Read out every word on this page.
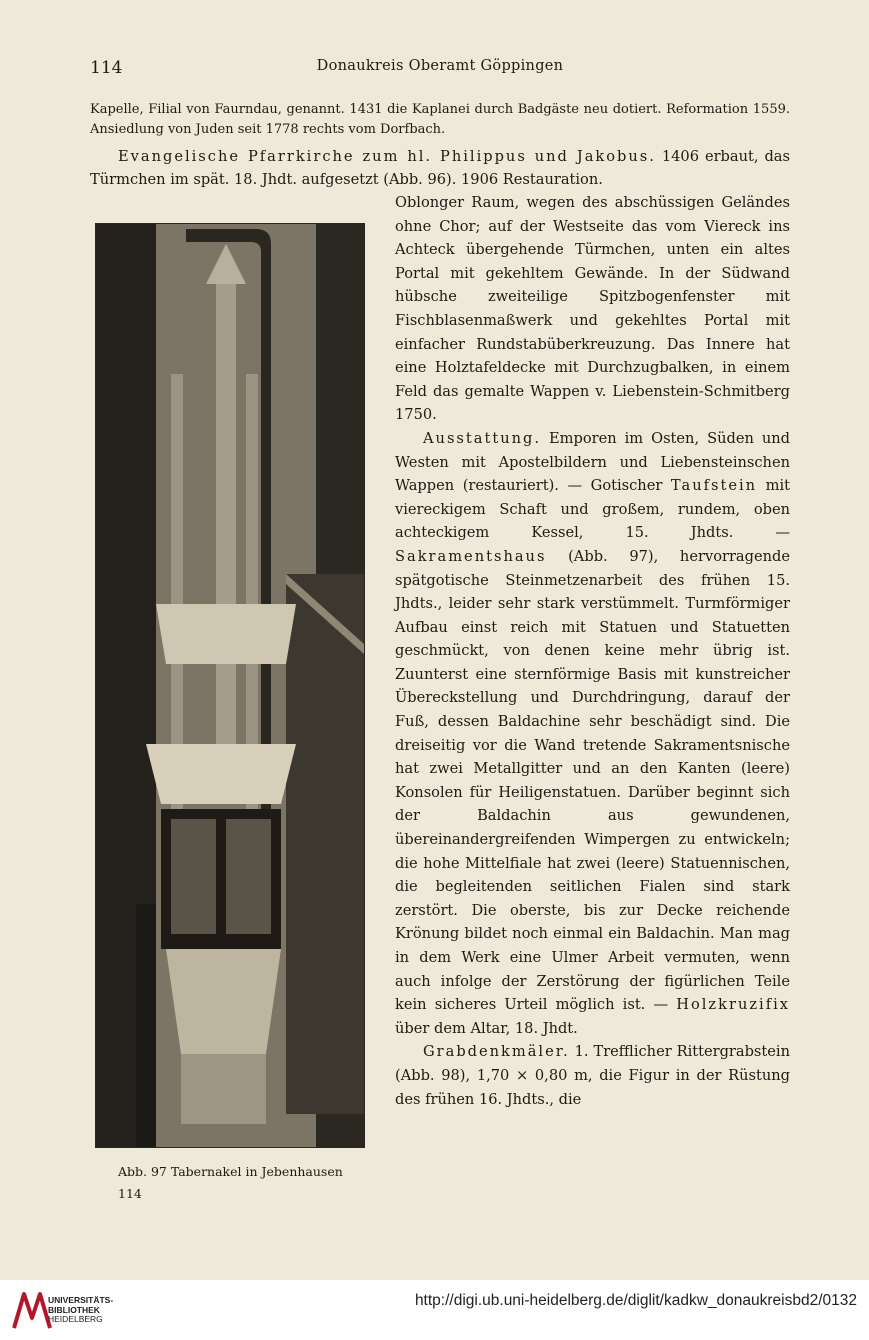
114	Donaukreis Oberamt Göppingen

Kapelle, Filial von Faurndau, genannt. 1431 die Kaplanei durch Badgäste neu dotiert. Reformation 1559. Ansiedlung von Juden seit 1778 rechts vom Dorfbach.

Evangelische Pfarrkirche zum hl. Philippus und Jakobus. 1406 erbaut, das Türmchen im spät. 18. Jhdt. aufgesetzt (Abb. 96). 1906 Restauration.

Oblonger Raum, wegen des abschüssigen Geländes ohne Chor; auf der Westseite das vom Viereck ins Achteck übergehende Türmchen, unten ein altes Portal mit gekehltem Gewände. In der Südwand hübsche zweiteilige Spitzbogenfenster mit Fischblasenmaßwerk und gekehltes Portal mit einfacher Rundstabüberkreuzung. Das Innere hat eine Holztafeldecke mit Durchzugbalken, in einem Feld das gemalte Wappen v. Liebenstein-Schmitberg 1750.

Ausstattung. Emporen im Osten, Süden und Westen mit Apostelbildern und Liebensteinschen Wappen (restauriert). — Gotischer Taufstein mit viereckigem Schaft und großem, rundem, oben achteckigem Kessel, 15. Jhdts. — Sakramentshaus (Abb. 97), hervorragende spätgotische Steinmetzenarbeit des frühen 15. Jhdts., leider sehr stark verstümmelt. Turmförmiger Aufbau einst reich mit Statuen und Statuetten geschmückt, von denen keine mehr übrig ist. Zuunterst eine sternförmige Basis mit kunstreicher Übereckstellung und Durchdringung, darauf der Fuß, dessen Baldachine sehr beschädigt sind. Die dreiseitig vor die Wand tretende Sakramentsnische hat zwei Metallgitter und an den Kanten (leere) Konsolen für Heiligenstatuen. Darüber beginnt sich der Baldachin aus gewundenen, übereinandergreifenden Wimpergen zu entwickeln; die hohe Mittelfiale hat zwei (leere) Statuennischen, die begleitenden seitlichen Fialen sind stark zerstört. Die oberste, bis zur Decke reichende Krönung bildet noch einmal ein Baldachin. Man mag in dem Werk eine Ulmer Arbeit vermuten, wenn auch infolge der Zerstörung der figürlichen Teile kein sicheres Urteil möglich ist. — Holzkruzifix über dem Altar, 18. Jhdt.

Grabdenkmäler. 1. Trefflicher Rittergrabstein (Abb. 98), 1,70 × 0,80 m, die Figur in der Rüstung des frühen 16. Jhdts., die

Abb. 97 Tabernakel in Jebenhausen
114
UNIVERSITÄTS-
BIBLIOTHEK
HEIDELBERG
http://digi.ub.uni-heidelberg.de/diglit/kadkw_donaukreisbd2/0132
